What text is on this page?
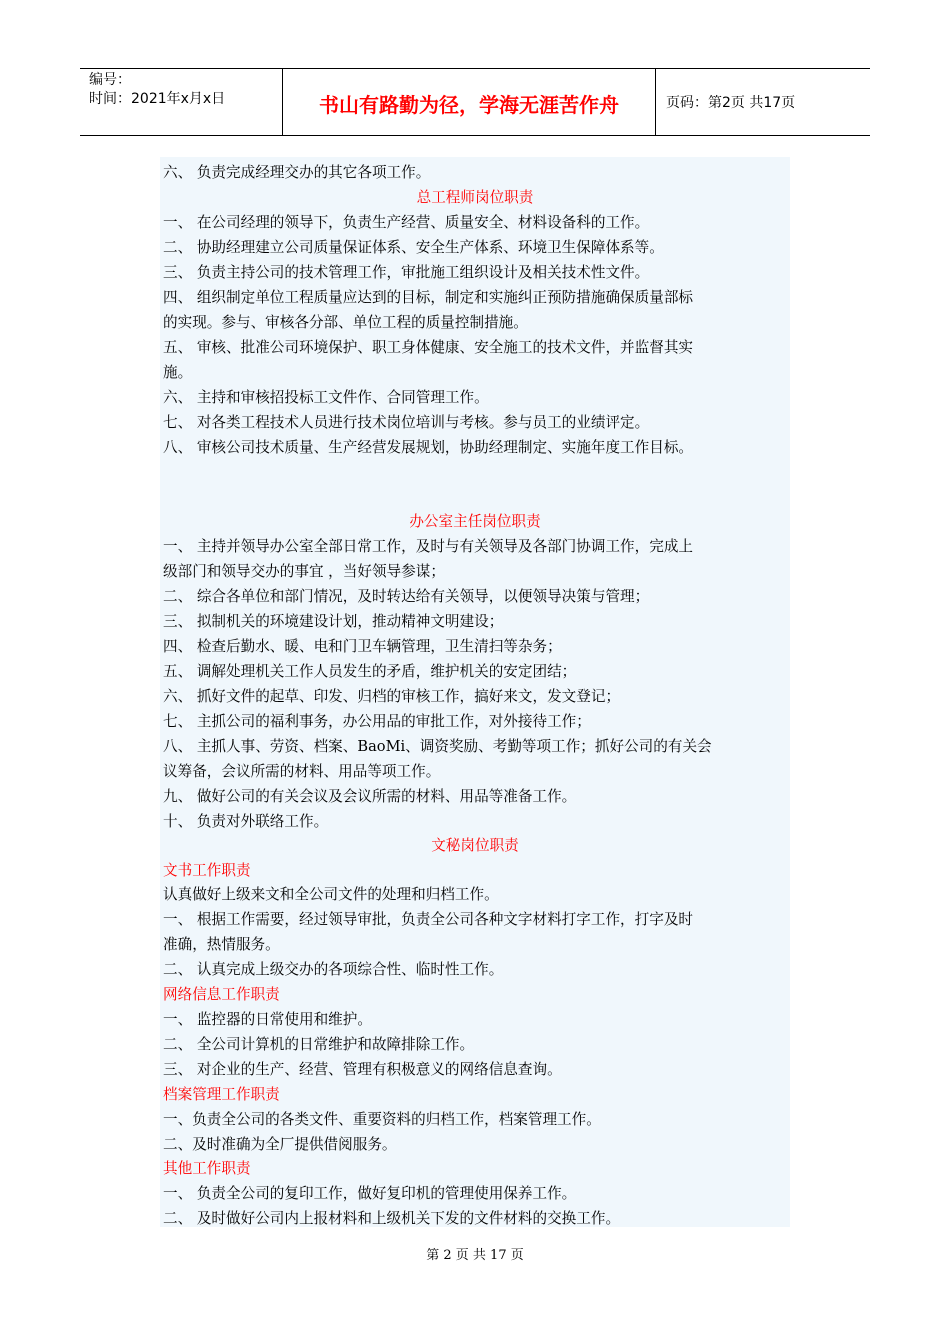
编号：
时间：2021年x月x日	书山有路勤为径，学海无涯苦作舟	页码：第2页 共17页
六、 负责完成经理交办的其它各项工作。
总工程师岗位职责
一、 在公司经理的领导下，负责生产经营、质量安全、材料设备科的工作。
二、 协助经理建立公司质量保证体系、安全生产体系、环境卫生保障体系等。
三、 负责主持公司的技术管理工作，审批施工组织设计及相关技术性文件。
四、 组织制定单位工程质量应达到的目标，制定和实施纠正预防措施确保质量部标
的实现。参与、审核各分部、单位工程的质量控制措施。
五、 审核、批准公司环境保护、职工身体健康、安全施工的技术文件，并监督其实
施。
六、 主持和审核招投标工文件作、合同管理工作。
七、 对各类工程技术人员进行技术岗位培训与考核。参与员工的业绩评定。
八、 审核公司技术质量、生产经营发展规划，协助经理制定、实施年度工作目标。
办公室主任岗位职责
一、 主持并领导办公室全部日常工作，及时与有关领导及各部门协调工作，完成上
级部门和领导交办的事宜 ，当好领导参谋；
二、 综合各单位和部门情况，及时转达给有关领导，以便领导决策与管理；
三、 拟制机关的环境建设计划，推动精神文明建设；
四、 检查后勤水、暖、电和门卫车辆管理，卫生清扫等杂务；
五、 调解处理机关工作人员发生的矛盾，维护机关的安定团结；
六、 抓好文件的起草、印发、归档的审核工作，搞好来文，发文登记；
七、 主抓公司的福利事务，办公用品的审批工作，对外接待工作；
八、 主抓人事、劳资、档案、BaoMi、调资奖励、考勤等项工作；抓好公司的有关会
议筹备，会议所需的材料、用品等项工作。
九、 做好公司的有关会议及会议所需的材料、用品等准备工作。
十、 负责对外联络工作。
文秘岗位职责
文书工作职责
认真做好上级来文和全公司文件的处理和归档工作。
一、 根据工作需要，经过领导审批，负责全公司各种文字材料打字工作，打字及时
准确，热情服务。
二、 认真完成上级交办的各项综合性、临时性工作。
网络信息工作职责
一、 监控器的日常使用和维护。
二、 全公司计算机的日常维护和故障排除工作。
三、 对企业的生产、经营、管理有积极意义的网络信息查询。
档案管理工作职责
一、负责全公司的各类文件、重要资料的归档工作，档案管理工作。
二、及时准确为全厂提供借阅服务。
其他工作职责
一、 负责全公司的复印工作，做好复印机的管理使用保养工作。
二、 及时做好公司内上报材料和上级机关下发的文件材料的交换工作。
第 2 页 共 17 页
